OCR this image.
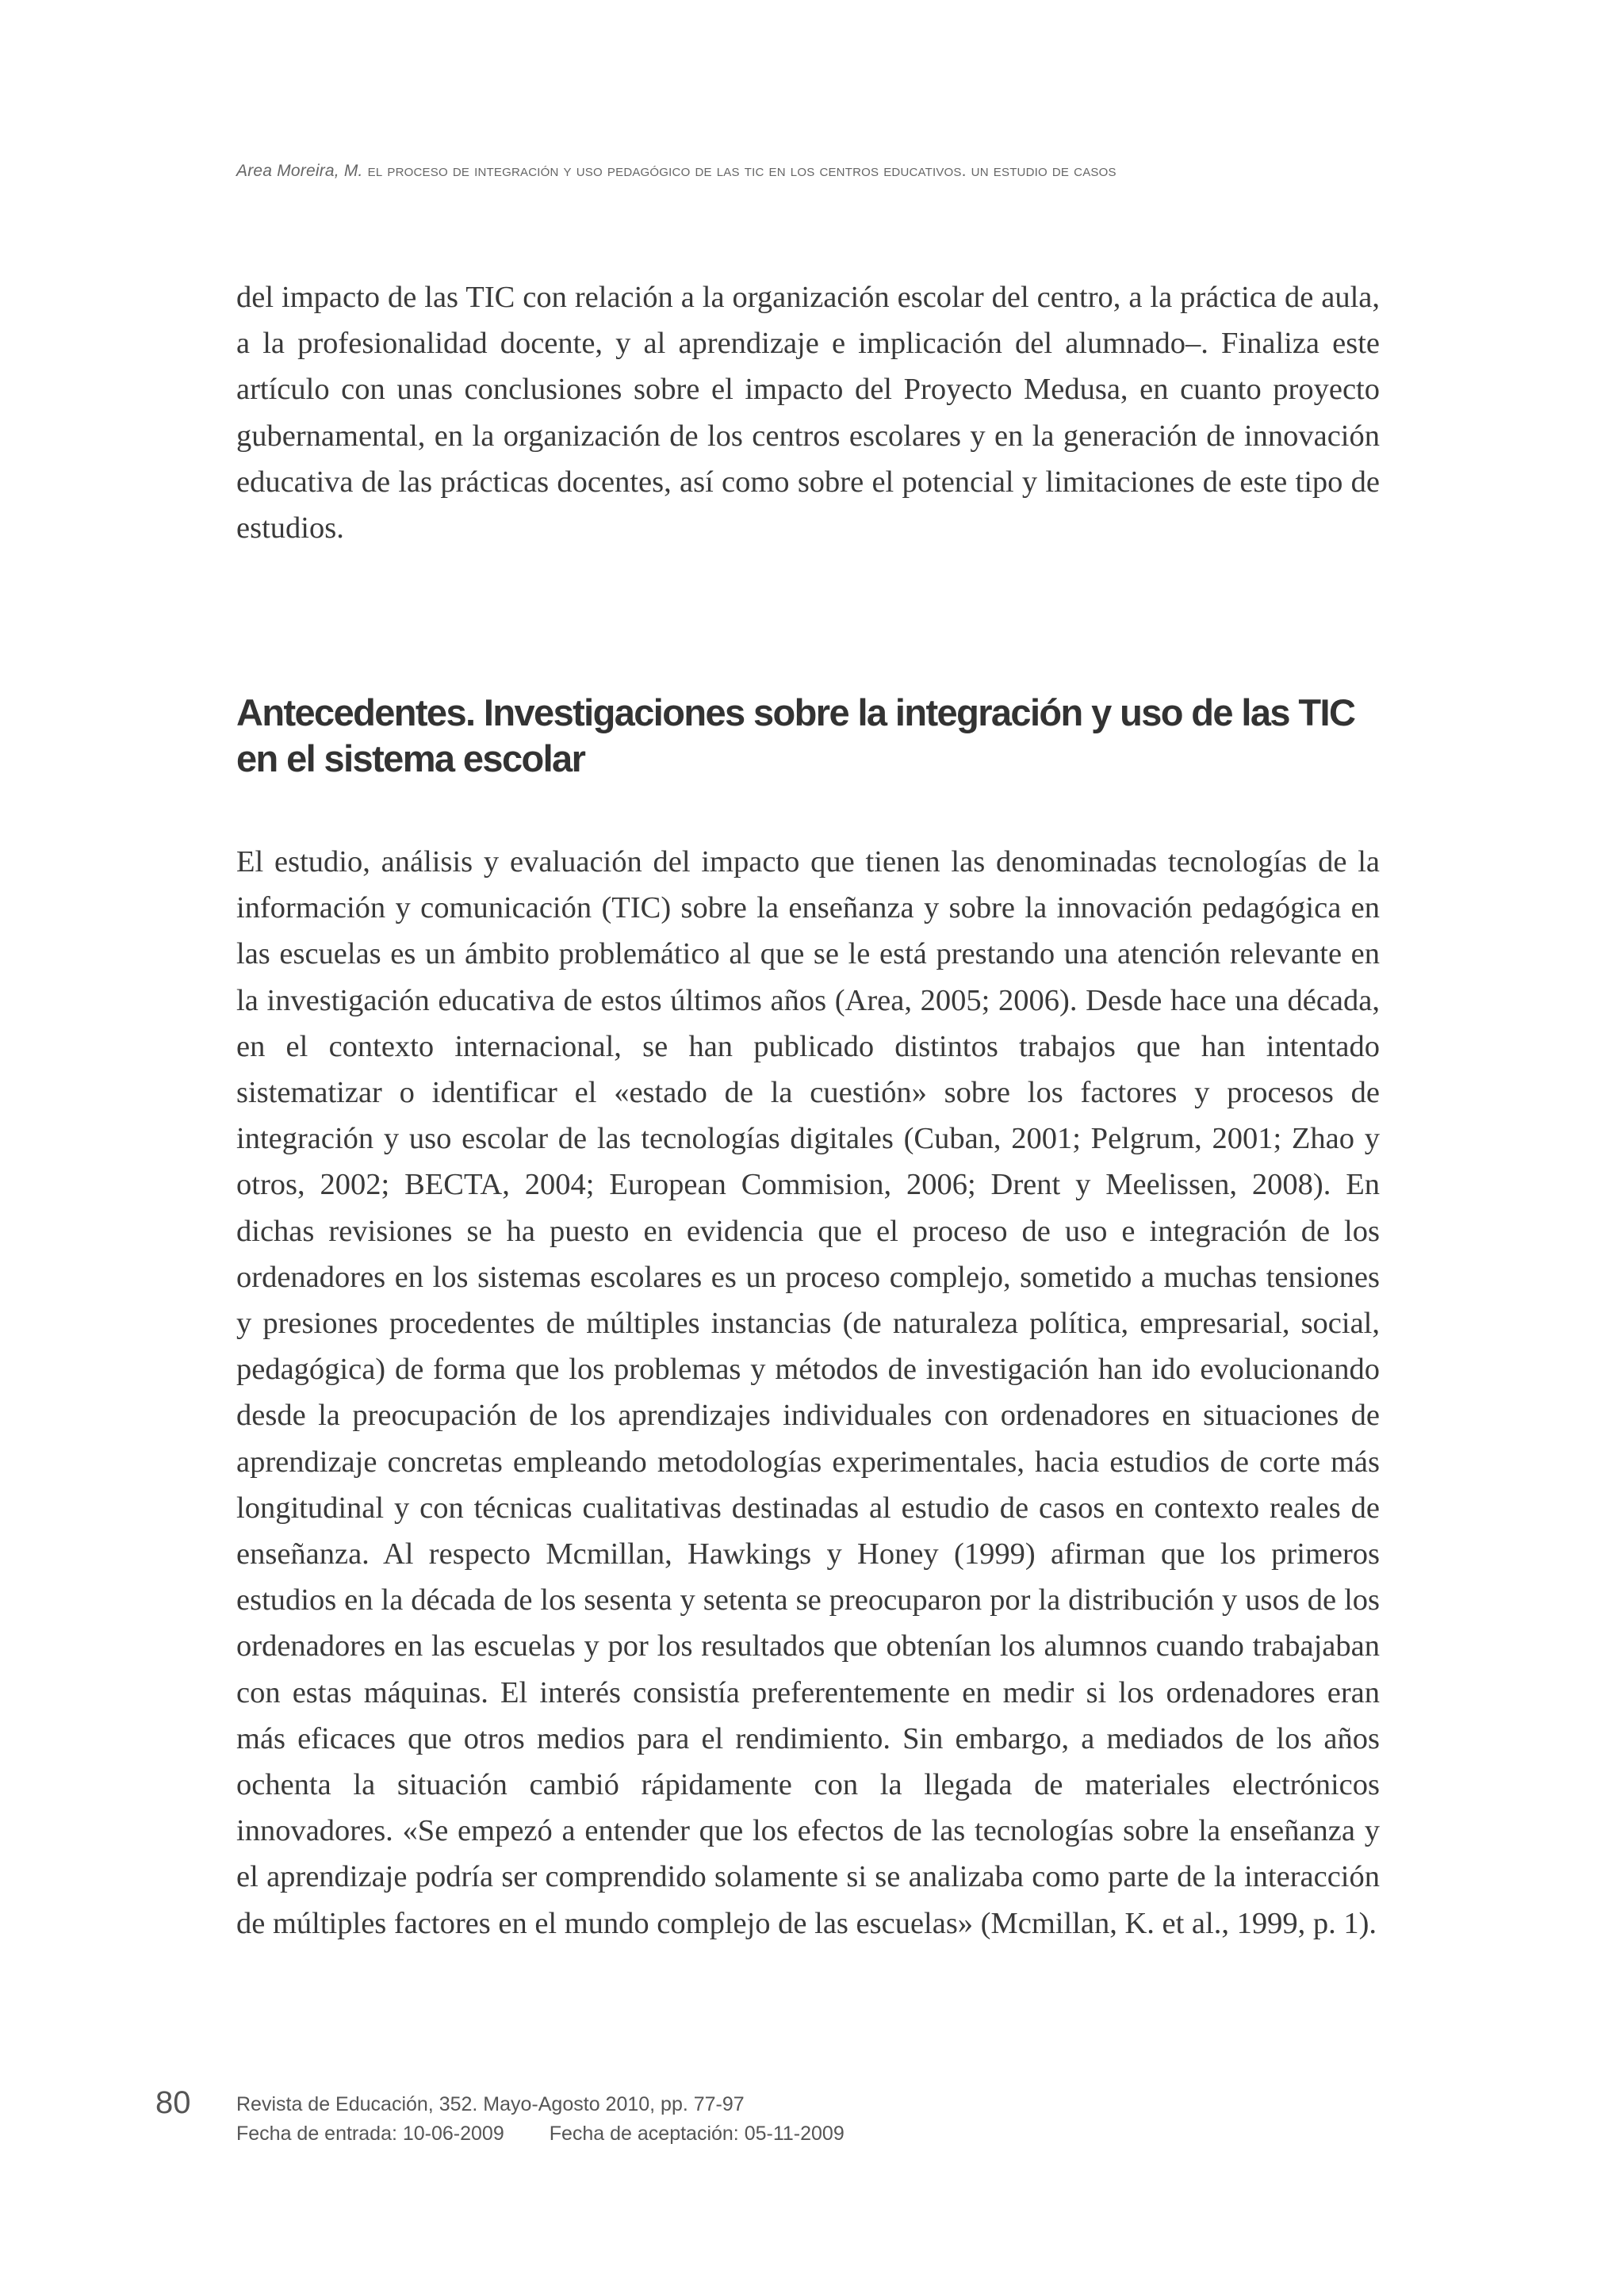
Area Moreira, M. el proceso de integración y uso pedagógico de las tic en los centros educativos. un estudio de casos

del impacto de las TIC con relación a la organización escolar del centro, a la práctica de aula, a la profesionalidad docente, y al aprendizaje e implicación del alumnado–. Finaliza este artículo con unas conclusiones sobre el impacto del Proyecto Medusa, en cuanto proyecto gubernamental, en la organización de los centros escolares y en la generación de innovación educativa de las prácticas docentes, así como sobre el potencial y limitaciones de este tipo de estudios.

Antecedentes. Investigaciones sobre la integración y uso de las TIC en el sistema escolar

El estudio, análisis y evaluación del impacto que tienen las denominadas tecnologías de la información y comunicación (TIC) sobre la enseñanza y sobre la innovación pedagógica en las escuelas es un ámbito problemático al que se le está prestando una atención relevante en la investigación educativa de estos últimos años (Area, 2005; 2006). Desde hace una década, en el contexto internacional, se han publicado distintos trabajos que han intentado sistematizar o identificar el «estado de la cuestión» sobre los factores y procesos de integración y uso escolar de las tecnologías digitales (Cuban, 2001; Pelgrum, 2001; Zhao y otros, 2002; BECTA, 2004; European Commision, 2006; Drent y Meelissen, 2008). En dichas revisiones se ha puesto en evidencia que el proceso de uso e integración de los ordenadores en los sistemas escolares es un proceso complejo, sometido a muchas tensiones y presiones procedentes de múltiples instancias (de naturaleza política, empresarial, social, pedagógica) de forma que los problemas y métodos de investigación han ido evolucionando desde la preocupación de los aprendizajes individuales con ordenadores en situaciones de aprendizaje concretas empleando metodologías experimentales, hacia estudios de corte más longitudinal y con técnicas cualitativas destinadas al estudio de casos en contexto reales de enseñanza. Al respecto Mcmillan, Hawkings y Honey (1999) afirman que los primeros estudios en la década de los sesenta y setenta se preocuparon por la distribución y usos de los ordenadores en las escuelas y por los resultados que obtenían los alumnos cuando trabajaban con estas máquinas. El interés consistía preferentemente en medir si los ordenadores eran más eficaces que otros medios para el rendimiento. Sin embargo, a mediados de los años ochenta la situación cambió rápidamente con la llegada de materiales electrónicos innovadores. «Se empezó a entender que los efectos de las tecnologías sobre la enseñanza y el aprendizaje podría ser comprendido solamente si se analizaba como parte de la interacción de múltiples factores en el mundo complejo de las escuelas» (Mcmillan, K. et al., 1999, p. 1).

80 Revista de Educación, 352. Mayo-Agosto 2010, pp. 77-97
Fecha de entrada: 10-06-2009 Fecha de aceptación: 05-11-2009
